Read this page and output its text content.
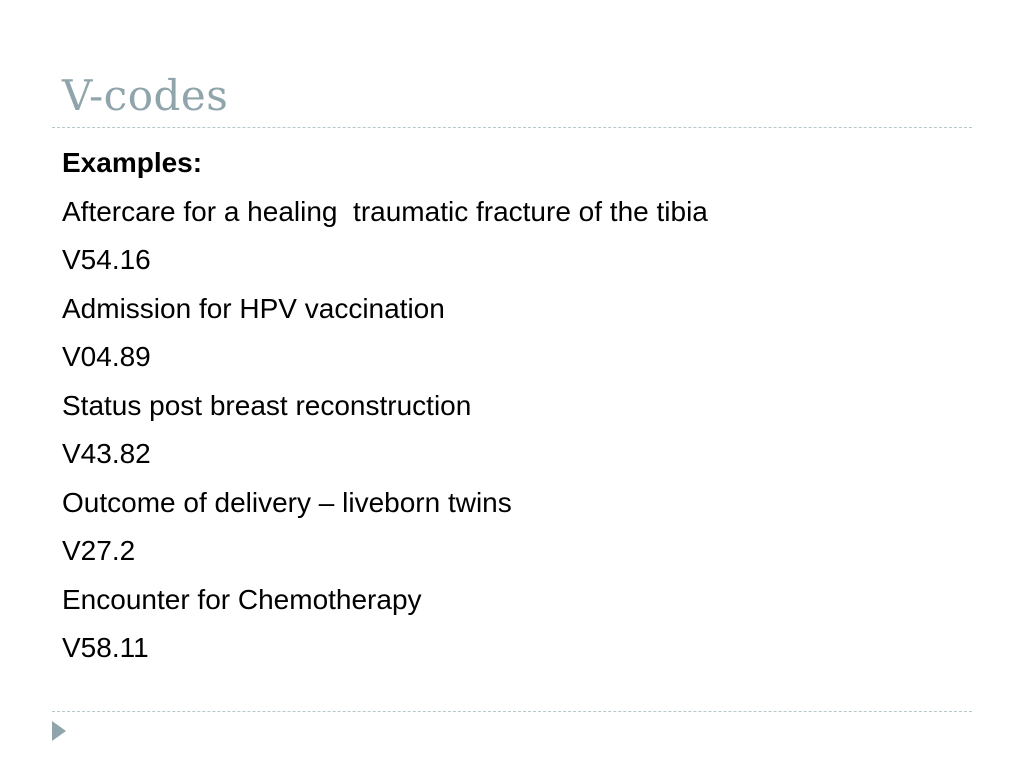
V-codes
Examples:
Aftercare for a healing  traumatic fracture of the tibia
V54.16
Admission for HPV vaccination
V04.89
Status post breast reconstruction
V43.82
Outcome of delivery – liveborn twins
V27.2
Encounter for Chemotherapy
V58.11
